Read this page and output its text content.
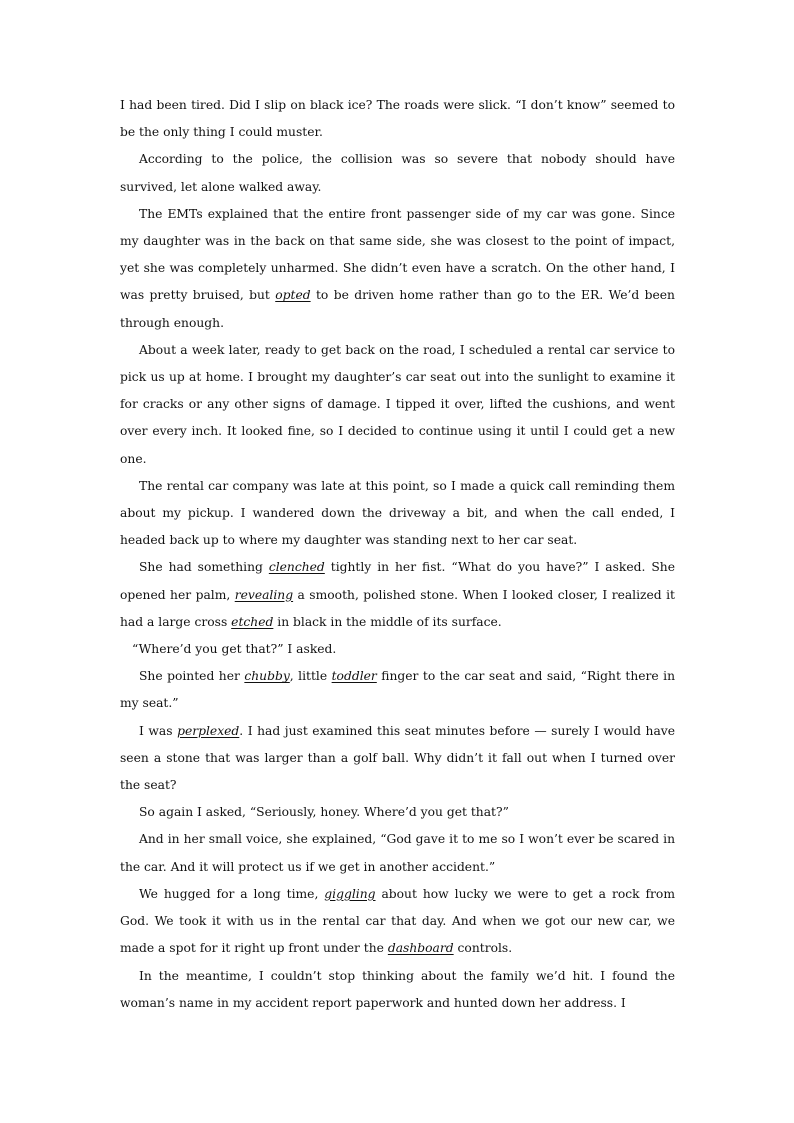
I had been tired. Did I slip on black ice? The roads were slick. “I don’t know” seemed to be the only thing I could muster.

According to the police, the collision was so severe that nobody should have survived, let alone walked away.

The EMTs explained that the entire front passenger side of my car was gone. Since my daughter was in the back on that same side, she was closest to the point of impact, yet she was completely unharmed. She didn’t even have a scratch. On the other hand, I was pretty bruised, but opted to be driven home rather than go to the ER. We’d been through enough.

About a week later, ready to get back on the road, I scheduled a rental car service to pick us up at home. I brought my daughter’s car seat out into the sunlight to examine it for cracks or any other signs of damage. I tipped it over, lifted the cushions, and went over every inch. It looked fine, so I decided to continue using it until I could get a new one.

The rental car company was late at this point, so I made a quick call reminding them about my pickup. I wandered down the driveway a bit, and when the call ended, I headed back up to where my daughter was standing next to her car seat.

She had something clenched tightly in her fist. “What do you have?” I asked. She opened her palm, revealing a smooth, polished stone. When I looked closer, I realized it had a large cross etched in black in the middle of its surface.

“Where’d you get that?” I asked.

She pointed her chubby, little toddler finger to the car seat and said, “Right there in my seat.”

I was perplexed. I had just examined this seat minutes before — surely I would have seen a stone that was larger than a golf ball. Why didn’t it fall out when I turned over the seat?

So again I asked, “Seriously, honey. Where’d you get that?”

And in her small voice, she explained, “God gave it to me so I won’t ever be scared in the car. And it will protect us if we get in another accident.”

We hugged for a long time, giggling about how lucky we were to get a rock from God. We took it with us in the rental car that day. And when we got our new car, we made a spot for it right up front under the dashboard controls.

In the meantime, I couldn’t stop thinking about the family we’d hit. I found the woman’s name in my accident report paperwork and hunted down her address. I
